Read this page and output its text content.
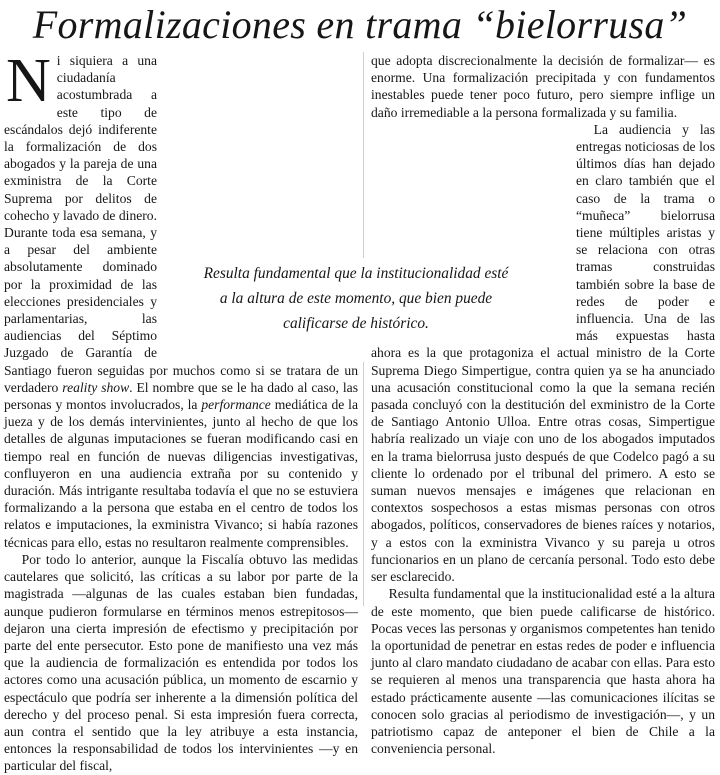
Formalizaciones en trama “bielorrusa”

N i siquiera a una ciudadanía acostumbrada a este tipo de escándalos dejó indiferente la formalización de dos abogados y la pareja de una exministra de la Corte Suprema por delitos de cohecho y lavado de dinero. Durante toda esa semana, y a pesar del ambiente absolutamente dominado por la proximidad de las elecciones presidenciales y parlamentarias, las audiencias del Séptimo Juzgado de Garantía de Santiago fueron seguidas por muchos como si se tratara de un verdadero reality show. El nombre que se le ha dado al caso, las personas y montos involucrados, la performance mediática de la jueza y de los demás intervinientes, junto al hecho de que los detalles de algunas imputaciones se fueran modificando casi en tiempo real en función de nuevas diligencias investigativas, confluyeron en una audiencia extraña por su contenido y duración. Más intrigante resultaba todavía el que no se estuviera formalizando a la persona que estaba en el centro de todos los relatos e imputaciones, la exministra Vivanco; si había razones técnicas para ello, estas no resultaron realmente comprensibles.

Por todo lo anterior, aunque la Fiscalía obtuvo las medidas cautelares que solicitó, las críticas a su labor por parte de la magistrada —algunas de las cuales estaban bien fundadas, aunque pudieron formularse en términos menos estrepitosos— dejaron una cierta impresión de efectismo y precipitación por parte del ente persecutor. Esto pone de manifiesto una vez más que la audiencia de formalización es entendida por todos los actores como una acusación pública, un momento de escarnio y espectáculo que podría ser inherente a la dimensión política del derecho y del proceso penal. Si esta impresión fuera correcta, aun contra el sentido que la ley atribuye a esta instancia, entonces la responsabilidad de todos los intervinientes —y en particular del fiscal,

que adopta discrecionalmente la decisión de formalizar— es enorme. Una formalización precipitada y con fundamentos inestables puede tener poco futuro, pero siempre inflige un daño irremediable a la persona formalizada y su familia.

La audiencia y las entregas noticiosas de los últimos días han dejado en claro también que el caso de la trama o “muñeca” bielorrusa tiene múltiples aristas y se relaciona con otras tramas construidas también sobre la base de redes de poder e influencia. Una de las más expuestas hasta ahora es la que protagoniza el actual ministro de la Corte Suprema Diego Simpertigue, contra quien ya se ha anunciado una acusación constitucional como la que la semana recién pasada concluyó con la destitución del exministro de la Corte de Santiago Antonio Ulloa. Entre otras cosas, Simpertigue habría realizado un viaje con uno de los abogados imputados en la trama bielorrusa justo después de que Codelco pagó a su cliente lo ordenado por el tribunal del primero. A esto se suman nuevos mensajes e imágenes que relacionan en contextos sospechosos a estas mismas personas con otros abogados, políticos, conservadores de bienes raíces y notarios, y a estos con la exministra Vivanco y su pareja u otros funcionarios en un plano de cercanía personal. Todo esto debe ser esclarecido.

Resulta fundamental que la institucionalidad esté a la altura de este momento, que bien puede calificarse de histórico. Pocas veces las personas y organismos competentes han tenido la oportunidad de penetrar en estas redes de poder e influencia junto al claro mandato ciudadano de acabar con ellas. Para esto se requieren al menos una transparencia que hasta ahora ha estado prácticamente ausente —las comunicaciones ilícitas se conocen solo gracias al periodismo de investigación—, y un patriotismo capaz de anteponer el bien de Chile a la conveniencia personal.

Resulta fundamental que la institucionalidad esté a la altura de este momento, que bien puede calificarse de histórico.
